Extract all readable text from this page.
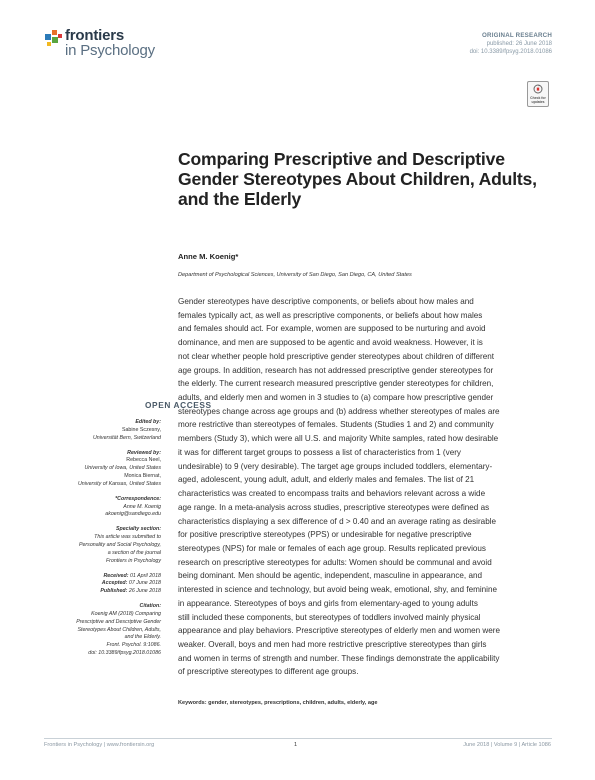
frontiers
in Psychology
ORIGINAL RESEARCH
published: 26 June 2018
doi: 10.3389/fpsyg.2018.01086
Check for updates
Comparing Prescriptive and Descriptive Gender Stereotypes About Children, Adults, and the Elderly
Anne M. Koenig*
Department of Psychological Sciences, University of San Diego, San Diego, CA, United States
Gender stereotypes have descriptive components, or beliefs about how males and
females typically act, as well as prescriptive components, or beliefs about how males
and females should act. For example, women are supposed to be nurturing and avoid
dominance, and men are supposed to be agentic and avoid weakness. However, it is
not clear whether people hold prescriptive gender stereotypes about children of different
age groups. In addition, research has not addressed prescriptive gender stereotypes for
the elderly. The current research measured prescriptive gender stereotypes for children,
adults, and elderly men and women in 3 studies to (a) compare how prescriptive gender
stereotypes change across age groups and (b) address whether stereotypes of males are
more restrictive than stereotypes of females. Students (Studies 1 and 2) and community
members (Study 3), which were all U.S. and majority White samples, rated how desirable
it was for different target groups to possess a list of characteristics from 1 (very
undesirable) to 9 (very desirable). The target age groups included toddlers, elementary-
aged, adolescent, young adult, adult, and elderly males and females. The list of 21
characteristics was created to encompass traits and behaviors relevant across a wide
age range. In a meta-analysis across studies, prescriptive stereotypes were defined as
characteristics displaying a sex difference of d > 0.40 and an average rating as desirable
for positive prescriptive stereotypes (PPS) or undesirable for negative prescriptive
stereotypes (NPS) for male or females of each age group. Results replicated previous
research on prescriptive stereotypes for adults: Women should be communal and avoid
being dominant. Men should be agentic, independent, masculine in appearance, and
interested in science and technology, but avoid being weak, emotional, shy, and feminine
in appearance. Stereotypes of boys and girls from elementary-aged to young adults
still included these components, but stereotypes of toddlers involved mainly physical
appearance and play behaviors. Prescriptive stereotypes of elderly men and women were
weaker. Overall, boys and men had more restrictive prescriptive stereotypes than girls
and women in terms of strength and number. These findings demonstrate the applicability
of prescriptive stereotypes to different age groups.
Keywords: gender, stereotypes, prescriptions, children, adults, elderly, age
OPEN ACCESS
Edited by:
Sabine Sczesny,
Universität Bern, Switzerland
Reviewed by:
Rebecca Neel,
University of Iowa, United States
Monica Biernat,
University of Kansas, United States
*Correspondence:
Anne M. Koenig
akoenig@sandiego.edu
Specialty section:
This article was submitted to
Personality and Social Psychology,
a section of the journal
Frontiers in Psychology
Received: 01 April 2018
Accepted: 07 June 2018
Published: 26 June 2018
Citation:
Koenig AM (2018) Comparing
Prescriptive and Descriptive Gender
Stereotypes About Children, Adults,
and the Elderly.
Front. Psychol. 9:1086.
doi: 10.3389/fpsyg.2018.01086
Frontiers in Psychology | www.frontiersin.org	1	June 2018 | Volume 9 | Article 1086
